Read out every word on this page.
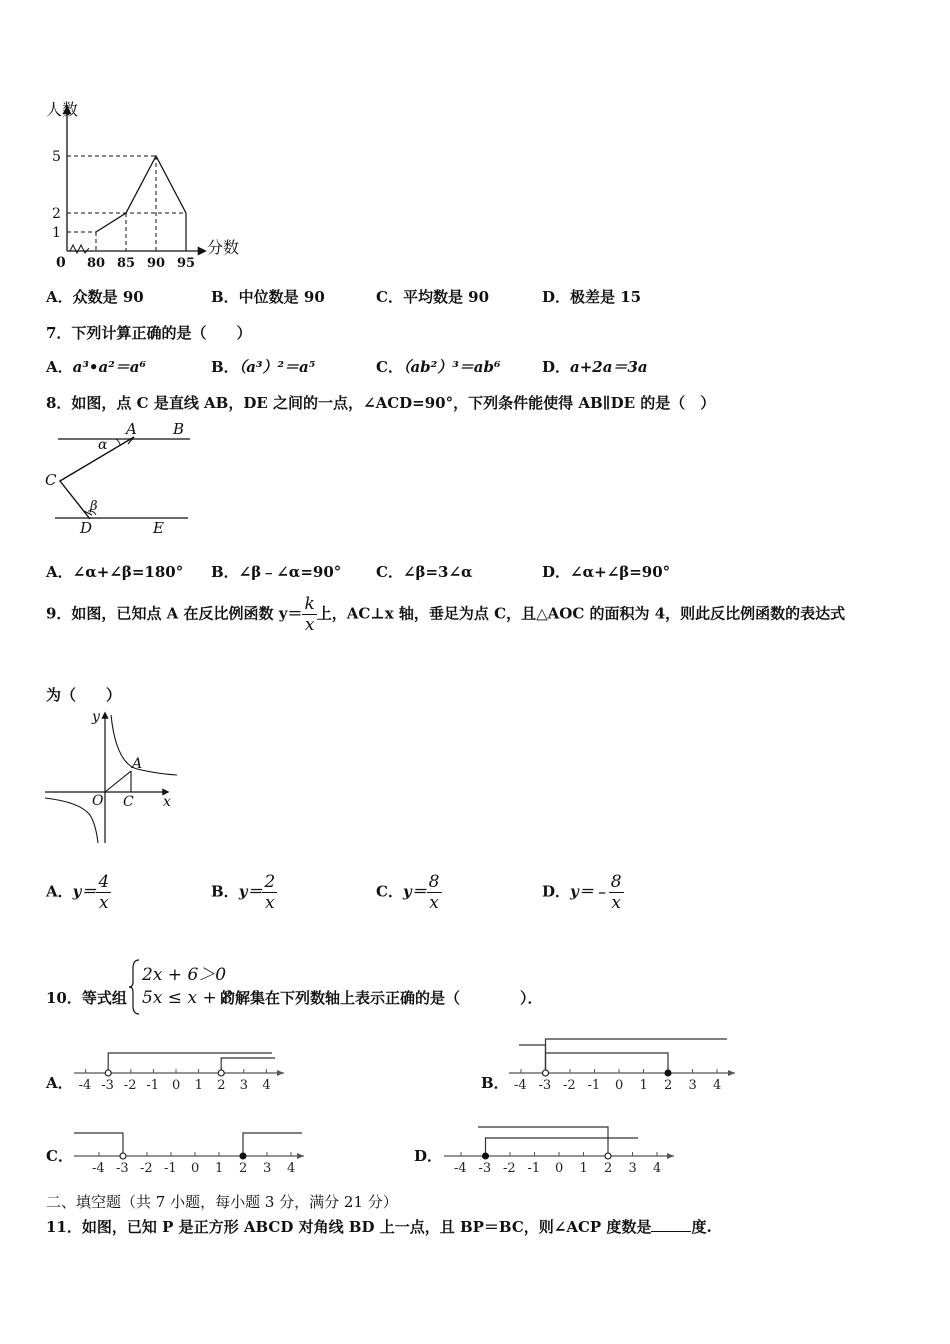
人数
分数
0 80 85 90 95
1
2
5
A．众数是 90	B．中位数是 90	C．平均数是 90	D．极差是 15
7．下列计算正确的是（　　）
A．a³•a²＝a⁶	B．（a³）²＝a⁵	C．（ab²）³＝ab⁶	D．a+2a＝3a
8．如图，点 C 是直线 AB，DE 之间的一点，∠ACD=90°，下列条件能使得 AB∥DE 的是（　）
A B
α
C
β
D	E
A．∠α+∠β=180° B．∠β﹣∠α=90° C．∠β=3∠α	D．∠α+∠β=90°
9．如图，已知点 A 在反比例函数 $y= \frac{k}{x}$ 上，AC⊥x 轴，垂足为点 C，且△AOC 的面积为 4，则此反比例函数的表达式
为（　　）
y
A
O C x
A．$y= \frac{4}{x}$	B．$y= \frac{2}{x}$	C．$y= \frac{8}{x}$	D．y＝﹣ $\frac{8}{x}$
10．等式组
2x + 6＞0
5x ≤ x + 8
的解集在下列数轴上表示正确的是（　　　　）．
A． -4 -3 -2 -1 0 1 2 3 4	B． -4 -3 -2 -1 0 1 2 3 4
C．
-4 -3 -2 -1 0 1 2 3 4
D．
-4 -3 -2 -1 0 1 2 3 4
二、填空题（共 7 小题，每小题 3 分，满分 21 分）
11．如图，已知 P 是正方形 ABCD 对角线 BD 上一点，且 BP＝BC，则∠ACP 度数是	度.
